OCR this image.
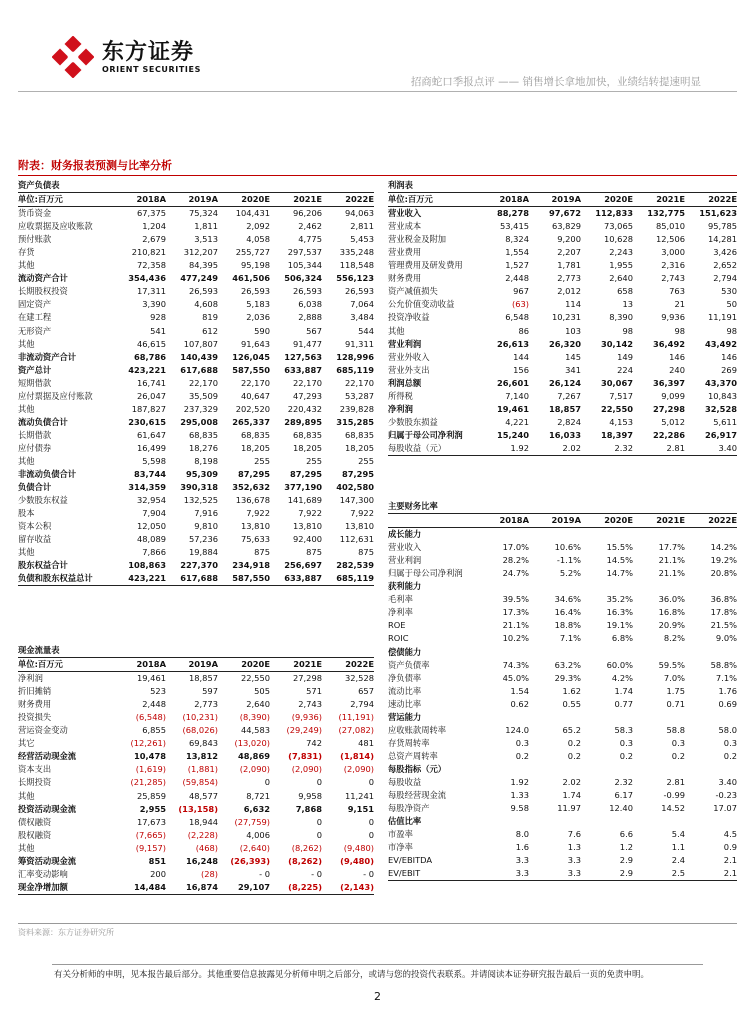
东方证券
ORIENT SECURITIES
招商蛇口季报点评 —— 销售增长拿地加快，业绩结转提速明显
附表：财务报表预测与比率分析
资产负债表
单位:百万元	2018A	2019A	2020E	2021E	2022E
货币资金	67,375	75,324	104,431	96,206	94,063
应收票据及应收账款	1,204	1,811	2,092	2,462	2,811
预付账款	2,679	3,513	4,058	4,775	5,453
存货	210,821	312,207	255,727	297,537	335,248
其他	72,358	84,395	95,198	105,344	118,548
流动资产合计	354,436	477,249	461,506	506,324	556,123
长期股权投资	17,311	26,593	26,593	26,593	26,593
固定资产	3,390	4,608	5,183	6,038	7,064
在建工程	928	819	2,036	2,888	3,484
无形资产	541	612	590	567	544
其他	46,615	107,807	91,643	91,477	91,311
非流动资产合计	68,786	140,439	126,045	127,563	128,996
资产总计	423,221	617,688	587,550	633,887	685,119
短期借款	16,741	22,170	22,170	22,170	22,170
应付票据及应付账款	26,047	35,509	40,647	47,293	53,287
其他	187,827	237,329	202,520	220,432	239,828
流动负债合计	230,615	295,008	265,337	289,895	315,285
长期借款	61,647	68,835	68,835	68,835	68,835
应付债券	16,499	18,276	18,205	18,205	18,205
其他	5,598	8,198	255	255	255
非流动负债合计	83,744	95,309	87,295	87,295	87,295
负债合计	314,359	390,318	352,632	377,190	402,580
少数股东权益	32,954	132,525	136,678	141,689	147,300
股本	7,904	7,916	7,922	7,922	7,922
资本公积	12,050	9,810	13,810	13,810	13,810
留存收益	48,089	57,236	75,633	92,400	112,631
其他	7,866	19,884	875	875	875
股东权益合计	108,863	227,370	234,918	256,697	282,539
负债和股东权益总计	423,221	617,688	587,550	633,887	685,119
现金流量表
单位:百万元	2018A	2019A	2020E	2021E	2022E
净利润	19,461	18,857	22,550	27,298	32,528
折旧摊销	523	597	505	571	657
财务费用	2,448	2,773	2,640	2,743	2,794
投资损失	(6,548)	(10,231)	(8,390)	(9,936)	(11,191)
营运资金变动	6,855	(68,026)	44,583	(29,249)	(27,082)
其它	(12,261)	69,843	(13,020)	742	481
经营活动现金流	10,478	13,812	48,869	(7,831)	(1,814)
资本支出	(1,619)	(1,881)	(2,090)	(2,090)	(2,090)
长期投资	(21,285)	(59,854)	0	0	0
其他	25,859	48,577	8,721	9,958	11,241
投资活动现金流	2,955	(13,158)	6,632	7,868	9,151
债权融资	17,673	18,944	(27,759)	0	0
股权融资	(7,665)	(2,228)	4,006	0	0
其他	(9,157)	(468)	(2,640)	(8,262)	(9,480)
筹资活动现金流	851	16,248	(26,393)	(8,262)	(9,480)
汇率变动影响	200	(28)	- 0	- 0	- 0
现金净增加额	14,484	16,874	29,107	(8,225)	(2,143)
利润表
单位:百万元	2018A	2019A	2020E	2021E	2022E
营业收入	88,278	97,672	112,833	132,775	151,623
营业成本	53,415	63,829	73,065	85,010	95,785
营业税金及附加	8,324	9,200	10,628	12,506	14,281
营业费用	1,554	2,207	2,243	3,000	3,426
管理费用及研发费用	1,527	1,781	1,955	2,316	2,652
财务费用	2,448	2,773	2,640	2,743	2,794
资产减值损失	967	2,012	658	763	530
公允价值变动收益	(63)	114	13	21	50
投资净收益	6,548	10,231	8,390	9,936	11,191
其他	86	103	98	98	98
营业利润	26,613	26,320	30,142	36,492	43,492
营业外收入	144	145	149	146	146
营业外支出	156	341	224	240	269
利润总额	26,601	26,124	30,067	36,397	43,370
所得税	7,140	7,267	7,517	9,099	10,843
净利润	19,461	18,857	22,550	27,298	32,528
少数股东损益	4,221	2,824	4,153	5,012	5,611
归属于母公司净利润	15,240	16,033	18,397	22,286	26,917
每股收益（元）	1.92	2.02	2.32	2.81	3.40
主要财务比率
2018A	2019A	2020E	2021E	2022E
成长能力
营业收入	17.0%	10.6%	15.5%	17.7%	14.2%
营业利润	28.2%	-1.1%	14.5%	21.1%	19.2%
归属于母公司净利润	24.7%	5.2%	14.7%	21.1%	20.8%
获利能力
毛利率	39.5%	34.6%	35.2%	36.0%	36.8%
净利率	17.3%	16.4%	16.3%	16.8%	17.8%
ROE	21.1%	18.8%	19.1%	20.9%	21.5%
ROIC	10.2%	7.1%	6.8%	8.2%	9.0%
偿债能力
资产负债率	74.3%	63.2%	60.0%	59.5%	58.8%
净负债率	45.0%	29.3%	4.2%	7.0%	7.1%
流动比率	1.54	1.62	1.74	1.75	1.76
速动比率	0.62	0.55	0.77	0.71	0.69
营运能力
应收账款周转率	124.0	65.2	58.3	58.8	58.0
存货周转率	0.3	0.2	0.3	0.3	0.3
总资产周转率	0.2	0.2	0.2	0.2	0.2
每股指标（元）
每股收益	1.92	2.02	2.32	2.81	3.40
每股经营现金流	1.33	1.74	6.17	-0.99	-0.23
每股净资产	9.58	11.97	12.40	14.52	17.07
估值比率
市盈率	8.0	7.6	6.6	5.4	4.5
市净率	1.6	1.3	1.2	1.1	0.9
EV/EBITDA	3.3	3.3	2.9	2.4	2.1
EV/EBIT	3.3	3.3	2.9	2.5	2.1
资料来源：东方证券研究所
有关分析师的申明，见本报告最后部分。其他重要信息披露见分析师申明之后部分，或请与您的投资代表联系。并请阅读本证券研究报告最后一页的免责申明。
2
